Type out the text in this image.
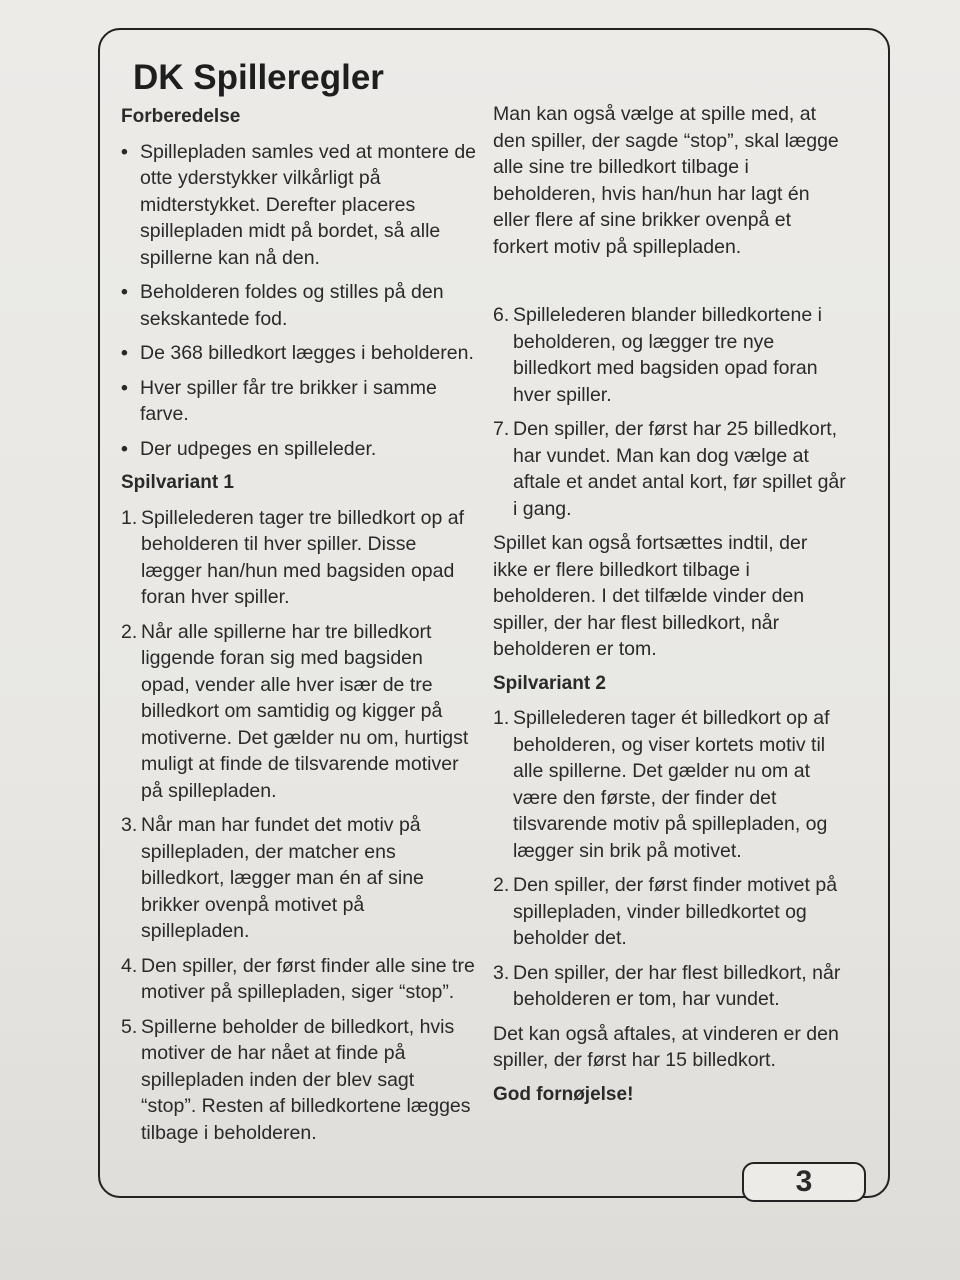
DK Spilleregler
Forberedelse
• Spillepladen samles ved at montere de
otte yderstykker vilkårligt på
midterstykket. Derefter placeres
spillepladen midt på bordet, så alle
spillerne kan nå den.
• Beholderen foldes og stilles på den
sekskantede fod.
• De 368 billedkort lægges i beholderen.
• Hver spiller får tre brikker i samme
farve.
• Der udpeges en spilleleder.
Spilvariant 1
1. Spillelederen tager tre billedkort op af
beholderen til hver spiller. Disse
lægger han/hun med bagsiden opad
foran hver spiller.
2. Når alle spillerne har tre billedkort
liggende foran sig med bagsiden
opad, vender alle hver især de tre
billedkort om samtidig og kigger på
motiverne. Det gælder nu om, hurtigst
muligt at finde de tilsvarende motiver
på spillepladen.
3. Når man har fundet det motiv på
spillepladen, der matcher ens
billedkort, lægger man én af sine
brikker ovenpå motivet på
spillepladen.
4. Den spiller, der først finder alle sine tre
motiver på spillepladen, siger “stop”.
5. Spillerne beholder de billedkort, hvis
motiver de har nået at finde på
spillepladen inden der blev sagt
“stop”. Resten af billedkortene lægges
tilbage i beholderen.
Man kan også vælge at spille med, at
den spiller, der sagde “stop”, skal lægge
alle sine tre billedkort tilbage i
beholderen, hvis han/hun har lagt én
eller flere af sine brikker ovenpå et
forkert motiv på spillepladen.
6. Spillelederen blander billedkortene i
beholderen, og lægger tre nye
billedkort med bagsiden opad foran
hver spiller.
7. Den spiller, der først har 25 billedkort,
har vundet. Man kan dog vælge at
aftale et andet antal kort, før spillet går
i gang.
Spillet kan også fortsættes indtil, der
ikke er flere billedkort tilbage i
beholderen. I det tilfælde vinder den
spiller, der har flest billedkort, når
beholderen er tom.
Spilvariant 2
1. Spillelederen tager ét billedkort op af
beholderen, og viser kortets motiv til
alle spillerne. Det gælder nu om at
være den første, der finder det
tilsvarende motiv på spillepladen, og
lægger sin brik på motivet.
2. Den spiller, der først finder motivet på
spillepladen, vinder billedkortet og
beholder det.
3. Den spiller, der har flest billedkort, når
beholderen er tom, har vundet.
Det kan også aftales, at vinderen er den
spiller, der først har 15 billedkort.
God fornøjelse!
3
